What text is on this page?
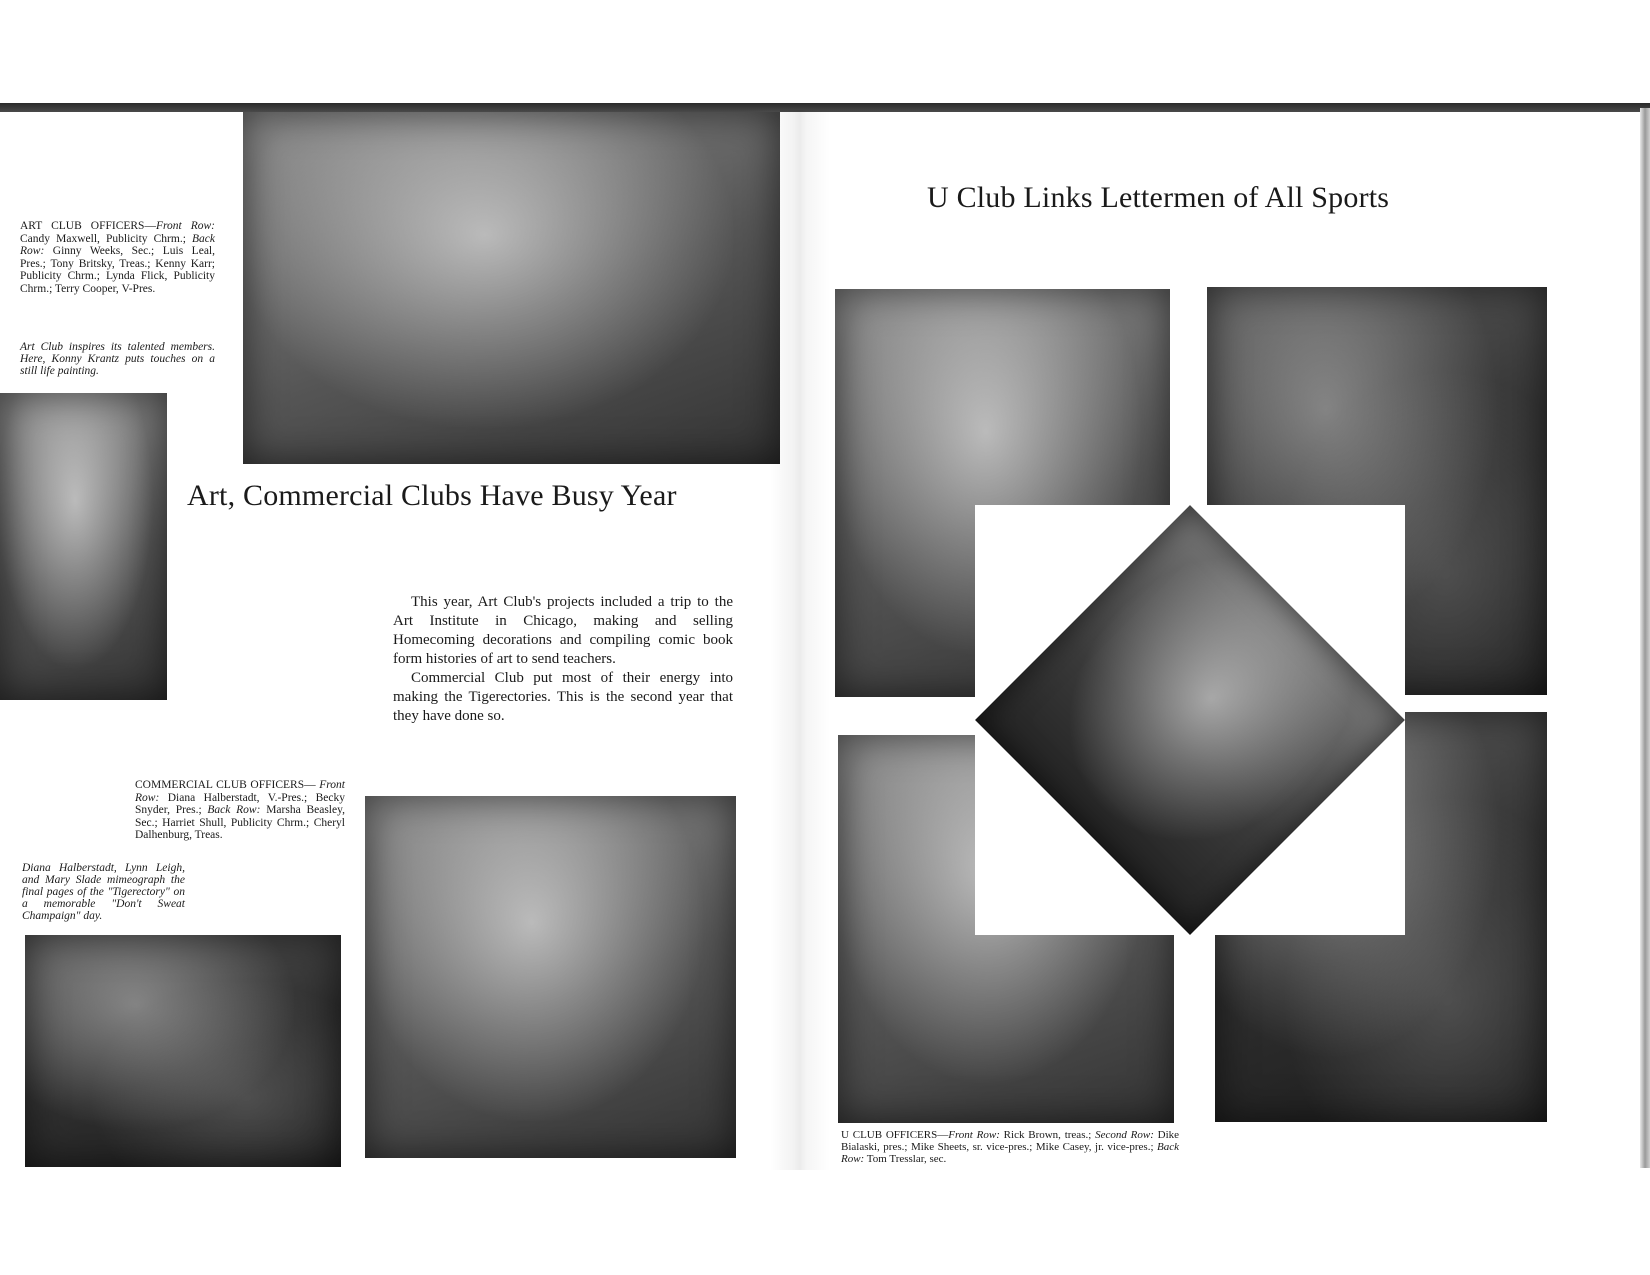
ART CLUB OFFICERS—Front Row: Candy Maxwell, Publicity Chrm.; Back Row: Ginny Weeks, Sec.; Luis Leal, Pres.; Tony Britsky, Treas.; Kenny Karr; Publicity Chrm.; Lynda Flick, Publicity Chrm.; Terry Cooper, V-Pres.

Art Club inspires its talented members. Here, Konny Krantz puts touches on a still life painting.

Art, Commercial Clubs Have Busy Year

This year, Art Club's projects included a trip to the Art Institute in Chicago, making and selling Homecoming decorations and compiling comic book form histories of art to send teachers.

Commercial Club put most of their energy into making the Tigerectories. This is the second year that they have done so.

COMMERCIAL CLUB OFFICERS— Front Row: Diana Halberstadt, V.-Pres.; Becky Snyder, Pres.; Back Row: Marsha Beasley, Sec.; Harriet Shull, Publicity Chrm.; Cheryl Dalhenburg, Treas.

Diana Halberstadt, Lynn Leigh, and Mary Slade mimeograph the final pages of the "Tigerectory" on a memorable "Don't Sweat Champaign" day.

U Club Links Lettermen of All Sports

U CLUB OFFICERS—Front Row: Rick Brown, treas.; Second Row: Dike Bialaski, pres.; Mike Sheets, sr. vice-pres.; Mike Casey, jr. vice-pres.; Back Row: Tom Tresslar, sec.
